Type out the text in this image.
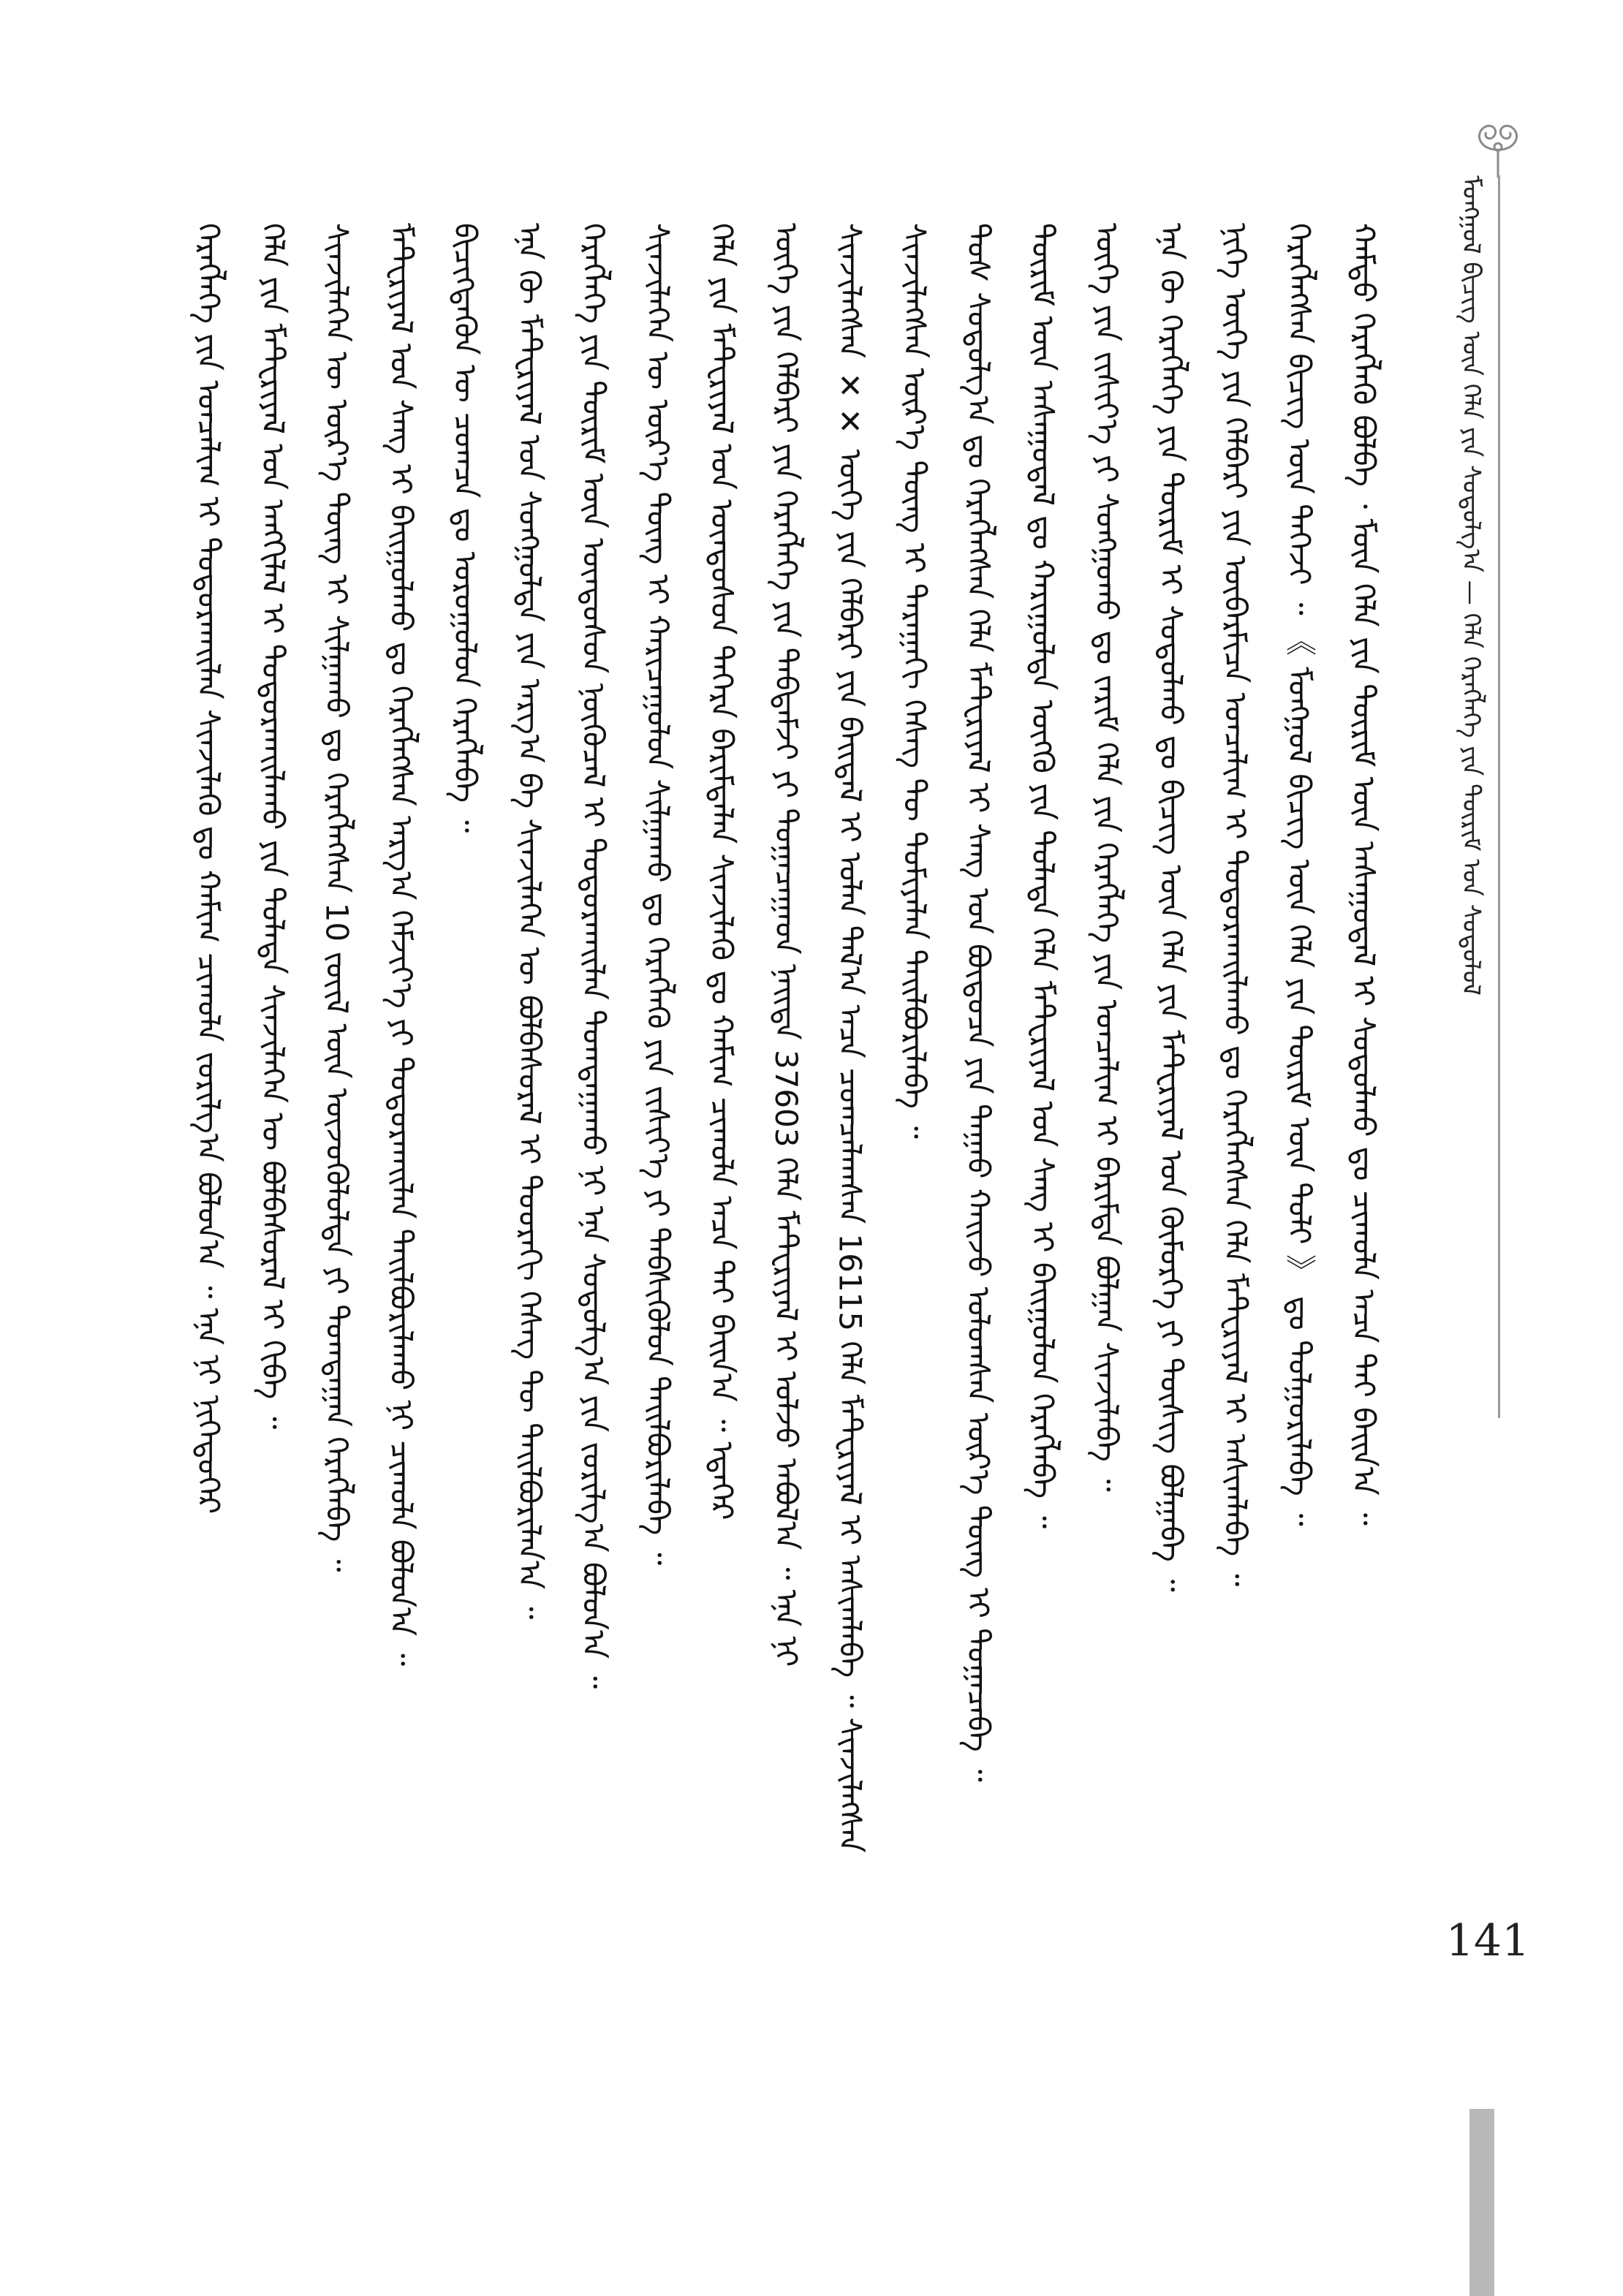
ᠮᠣᠩᠭᠣᠯ ᠪᠢᠴᠢᠭ ᠦᠨ ᠬᠡᠯᠡ ᠶᠢᠨ ᠰᠤᠳᠤᠯᠭ᠎ᠠ — ᠬᠡᠯᠡ ᠬᠡᠷᠡᠭᠯᠡᠭᠡ ᠶᠢᠨ ᠳᠦᠷᠢᠮ ᠤᠨ ᠰᠤᠳᠤᠯᠤᠯ
ᠬᠠᠮᠲᠤ ᠬᠡᠷᠡᠭᠯᠡᠬᠦ ᠪᠣᠯᠪᠠ ᠂ ᠮᠥᠨ ᠬᠡᠯᠡ ᠶᠢᠨ ᠳᠦᠷᠢᠮ ᠦᠨ ᠠᠰᠠᠭᠤᠳᠠᠯ ᠢ ᠰᠤᠳᠤᠯᠬᠤ ᠳᠤ ᠴᠢᠬᠤᠯᠠ ᠠᠴᠠ ᠲᠠᠢ ᠪᠠᠢᠨ᠎ᠠ ᠃
ᠬᠡᠷᠡᠭᠯᠡᠭᠰᠡᠨ ᠪᠢᠴᠢᠭ ᠦᠨ ᠳᠡᠭᠡᠵᠢ ᠃ 《 ᠮᠣᠩᠭᠣᠯ ᠪᠢᠴᠢᠭ ᠦᠨ ᠬᠡᠯᠡ ᠶᠢᠨ ᠳᠦᠷᠢᠮ ᠦᠨ ᠲᠣᠯᠢ 》 ᠳᠤ ᠲᠤᠯᠭᠤᠷᠢᠯᠠᠪᠠ ᠃
ᠨᠢᠭᠡ ᠦᠭᠡ ᠶᠢᠨ ᠬᠡᠯᠪᠡᠷᠢ ᠶᠢᠨ ᠥᠪᠡᠷᠮᠢᠴᠡ ᠣᠨᠴᠠᠯᠢᠭ ᠢ ᠲᠣᠳᠣᠷᠬᠠᠢᠯᠠᠬᠤ ᠳᠤ ᠬᠡᠷᠡᠭᠯᠡᠭᠰᠡᠨ ᠬᠡᠯᠡ ᠮᠠᠲᠧᠷᠢᠶᠠᠯ ᠢ ᠠᠰᠢᠭᠯᠠᠪᠠ ᠃
ᠡᠨᠡ ᠬᠦ ᠬᠡᠷᠡᠭᠯᠡᠭᠡ ᠶᠢᠨ ᠳᠦᠷᠢᠮ ᠢ ᠰᠤᠳᠤᠯᠬᠤ ᠳᠤ ᠪᠢᠴᠢᠭ ᠦᠨ ᠬᠡᠯᠡ ᠶᠢᠨ ᠮᠠᠲᠧᠷᠢᠶᠠᠯ ᠤᠨ ᠬᠥᠮᠦᠷᠭᠡ ᠶᠢ ᠲᠦᠰᠢᠭ ᠪᠣᠯᠭᠠᠪᠠ ᠃
ᠦᠭᠡ ᠶᠢᠨ ᠵᠢᠱᠢᠶ᠎ᠡ ᠶᠢ ᠰᠣᠩᠭᠣᠬᠤ ᠳᠤ ᠵᠠᠷᠢᠮ ᠬᠡᠯᠡ ᠶᠢᠨ ᠬᠡᠷᠡᠭᠯᠡᠭᠡ ᠶᠢᠨ ᠣᠨᠴᠠᠯᠢᠭ ᠢ ᠪᠠᠷᠢᠮᠲᠠ ᠪᠣᠯᠭᠠᠨ ᠰᠢᠨᠵᠢᠯᠡᠪᠡ ᠃
ᠳᠦᠷᠢᠮ ᠦᠨ ᠠᠰᠠᠭᠤᠳᠠᠯ ᠳᠤ ᠬᠠᠷᠢᠭᠤᠯᠲᠠ ᠥᠭᠬᠦ ᠶᠢᠨ ᠲᠤᠯᠠᠳᠠ ᠬᠡᠯᠡ ᠮᠠᠲᠧᠷᠢᠶᠠᠯ ᠤᠨ ᠰᠠᠩ ᠢ ᠪᠠᠢᠭᠤᠯᠤᠨ ᠬᠡᠷᠡᠭᠯᠡᠪᠡ ᠃
ᠲᠤᠰ ᠰᠤᠳᠤᠯᠭ᠎ᠠ ᠳᠤ ᠬᠡᠷᠡᠭᠯᠡᠭᠰᠡᠨ ᠬᠡᠯᠡ ᠮᠠᠲᠧᠷᠢᠶᠠᠯ ᠢ ᠰᠠᠩ ᠤᠨ ᠪᠦᠲᠦᠴᠡ ᠶᠢᠨ ᠳᠠᠭᠠᠤ ᠬᠠᠢᠵᠤ ᠣᠯᠤᠭᠰᠠᠨ ᠦᠷ᠎ᠡ ᠳᠦᠩ ᠢ ᠲᠣᠭᠠᠴᠠᠪᠠ ᠃
ᠰᠢᠨᠵᠢᠯᠡᠭᠰᠡᠨ ᠦᠷ᠎ᠡ ᠳᠦᠩ ᠢ ᠳᠠᠷᠠᠭᠠᠬᠢ ᠬᠡᠰᠡᠭ ᠲᠦ ᠲᠣᠮᠢᠶᠠᠯᠠᠨ ᠲᠠᠢᠯᠪᠤᠷᠢᠯᠠᠪᠠ ᠃
ᠰᠢᠨᠵᠢᠯᠡᠭᠰᠡᠨ ✕✕ ᠦᠭᠡ ᠶᠢᠨ ᠬᠡᠯᠪᠡᠷᠢ ᠶᠢᠨ ᠪᠠᠢᠳᠠᠯ ᠢ ᠣᠯᠠᠨ ᠲᠠᠯ᠎ᠠ ᠠᠴᠠ ᠴᠣᠭᠴᠠᠯᠠᠭᠰᠠᠨ 16115 ᠬᠡᠯᠡ ᠮᠠᠲᠧᠷᠢᠶᠠᠯ ᠢ ᠠᠰᠢᠭᠯᠠᠪᠠ ᠃ ᠰᠢᠨᠵᠢᠯᠡᠭᠰᠡᠨ
ᠦᠭᠡ ᠶᠢᠨ ᠬᠡᠯᠪᠡᠷᠢ ᠶᠢᠨ ᠬᠡᠷᠡᠭᠯᠡᠭᠡ ᠶᠢᠨ ᠳᠠᠪᠲᠠᠮᠵᠢ ᠶᠢ ᠲᠣᠭᠠᠴᠠᠭᠠᠳ ᠨᠡᠢᠲᠡ 37603 ᠬᠡᠯᠡ ᠮᠠᠲᠧᠷᠢᠶᠠᠯ ᠢ ᠣᠯᠵᠤ ᠠᠪᠤᠯ᠎ᠠ ᠃ ᠡᠨᠡ ᠨᠢ
ᠬᠡᠯᠡ ᠶᠢᠨ ᠮᠠᠲᠧᠷᠢᠶᠠᠯ ᠤᠨ ᠦᠨᠳᠦᠰᠦᠨ ᠳᠡᠭᠡᠷᠡ ᠪᠠᠷᠢᠮᠲᠠᠯᠠᠨ ᠰᠢᠨᠵᠢᠯᠡᠬᠦ ᠳᠤ ᠬᠠᠮᠢᠭ ᠴᠢᠬᠤᠯᠠ ᠠᠴᠠ ᠲᠠᠢ ᠪᠠᠢᠨ᠎ᠠ ᠃ ᠡᠳᠡᠭᠡᠷ
ᠰᠢᠨᠵᠢᠯᠡᠭᠡᠨ ᠦ ᠦᠷ᠎ᠡ ᠳᠦᠩ ᠢ ᠬᠠᠷᠢᠴᠠᠭᠤᠯᠤᠨ ᠰᠢᠯᠭᠠᠬᠤ ᠳᠤ ᠬᠡᠷᠡᠭᠯᠡᠬᠦ ᠶᠢᠨ ᠵᠢᠱᠢᠶ᠎ᠡ ᠶᠢ ᠳᠡᠪᠰᠢᠭᠦᠯᠦᠨ ᠲᠠᠢᠯᠪᠤᠷᠢᠯᠠᠪᠠ ᠃
ᠬᠡᠷᠡᠭᠯᠡᠭᠡ ᠶᠢᠨ ᠳᠦᠷᠢᠮ ᠦᠨ ᠦᠨᠳᠦᠰᠦᠨ ᠨᠦᠬᠦᠴᠡᠯ ᠢ ᠲᠣᠳᠣᠷᠬᠠᠢᠯᠠᠨ ᠲᠣᠭᠲᠠᠭᠠᠬᠤ ᠨᠢ ᠡᠨᠡ ᠰᠤᠳᠤᠯᠭ᠎ᠠ ᠶᠢᠨ ᠵᠣᠷᠢᠯᠭ᠎ᠠ ᠪᠣᠯᠤᠨ᠎ᠠ ᠃
ᠡᠨᠡ ᠬᠦ ᠮᠠᠲᠧᠷᠢᠶᠠᠯ ᠤᠨ ᠰᠣᠩᠭᠣᠯᠲᠠ ᠶᠢᠨ ᠠᠷᠭ᠎ᠠ ᠪᠠ ᠰᠢᠨᠵᠢᠯᠡᠭᠡᠨ ᠦ ᠪᠣᠯᠪᠠᠰᠤᠷᠠᠯ ᠢ ᠳᠣᠣᠷᠠᠬᠢ ᠬᠡᠰᠡᠭ ᠲᠦ ᠲᠠᠢᠯᠪᠤᠷᠢᠯᠠᠨ᠎ᠠ ᠃
ᠪᠢᠴᠢᠭᠳᠡᠬᠦᠨ ᠦ ᠴᠣᠭᠴᠠ ᠳᠤ ᠣᠷᠤᠭᠤᠯᠤᠨ ᠬᠡᠷᠡᠭᠯᠡᠪᠡ ᠃
ᠮᠠᠲᠧᠷᠢᠶᠠᠯ ᠤᠨ ᠰᠠᠩ ᠢ ᠪᠠᠢᠭᠤᠯᠬᠤ ᠳᠤ ᠬᠡᠷᠡᠭᠯᠡᠭᠰᠡᠨ ᠠᠷᠭ᠎ᠠ ᠬᠡᠮᠵᠢᠶ᠎ᠡ ᠶᠢ ᠲᠣᠳᠣᠷᠬᠠᠢᠯᠠᠨ ᠲᠠᠢᠯᠪᠤᠷᠢᠯᠠᠬᠤ ᠨᠢ ᠴᠢᠬᠤᠯᠠ ᠪᠣᠯᠤᠨ᠎ᠠ ᠃
ᠰᠢᠨᠵᠢᠯᠡᠭᠡᠨ ᠦ ᠦᠷ᠎ᠡ ᠳᠦᠩ ᠢ ᠰᠢᠯᠭᠠᠬᠤ ᠳᠤ ᠬᠡᠷᠡᠭᠯᠡᠭᠰᠡᠨ 10 ᠵᠦᠢᠯ ᠦᠨ ᠦᠵᠦᠭᠦᠯᠦᠯᠲᠡ ᠶᠢ ᠲᠣᠭᠲᠠᠭᠠᠨ ᠬᠡᠷᠡᠭᠯᠡᠪᠡ ᠃
ᠬᠡᠯᠡ ᠶᠢᠨ ᠮᠠᠲᠧᠷᠢᠶᠠᠯ ᠤᠨ ᠠᠩᠭᠢᠯᠠᠯ ᠢ ᠲᠣᠳᠣᠷᠬᠠᠢᠯᠠᠬᠤ ᠶᠢᠨ ᠲᠤᠯᠠᠳᠠ ᠰᠢᠨᠵᠢᠯᠡᠭᠡᠨ ᠦ ᠪᠣᠯᠪᠠᠰᠤᠷᠠᠯ ᠢ ᠬᠢᠪᠡ ᠃
ᠬᠡᠷᠡᠭᠯᠡᠭᠡ ᠶᠢᠨ ᠣᠨᠴᠠᠯᠢᠭ ᠢ ᠲᠣᠳᠣᠷᠬᠠᠢᠯᠠᠨ ᠰᠢᠨᠵᠢᠯᠡᠬᠦ ᠳᠤ ᠬᠠᠮᠢᠭ ᠴᠢᠬᠤᠯᠠ ᠵᠣᠷᠢᠯᠭ᠎ᠠ ᠪᠣᠯᠤᠨ᠎ᠠ ᠃ ᠡᠨᠡ ᠨᠢ ᠨᠢᠭᠡᠳᠦᠭᠡᠷ
141
